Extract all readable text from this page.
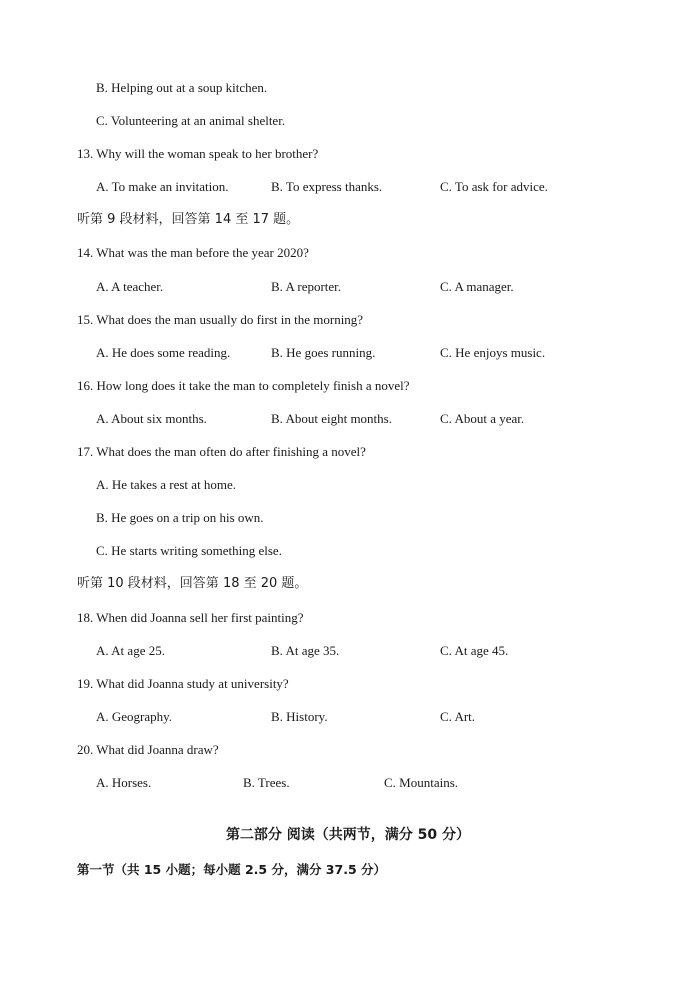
B. Helping out at a soup kitchen.
C. Volunteering at an animal shelter.
13. Why will the woman speak to her brother?
A. To make an invitation.	B. To express thanks.	C. To ask for advice.
听第 9 段材料，回答第 14 至 17 题。
14. What was the man before the year 2020?
A. A teacher.	B. A reporter.	C. A manager.
15. What does the man usually do first in the morning?
A. He does some reading.	B. He goes running.	C. He enjoys music.
16. How long does it take the man to completely finish a novel?
A. About six months.	B. About eight months.	C. About a year.
17. What does the man often do after finishing a novel?
A. He takes a rest at home.
B. He goes on a trip on his own.
C. He starts writing something else.
听第 10 段材料，回答第 18 至 20 题。
18. When did Joanna sell her first painting?
A. At age 25.	B. At age 35.	C. At age 45.
19. What did Joanna study at university?
A. Geography.	B. History.	C. Art.
20. What did Joanna draw?
A. Horses.	B. Trees.	C. Mountains.
第二部分 阅读（共两节，满分 50 分）
第一节（共 15 小题；每小题 2.5 分，满分 37.5 分）
